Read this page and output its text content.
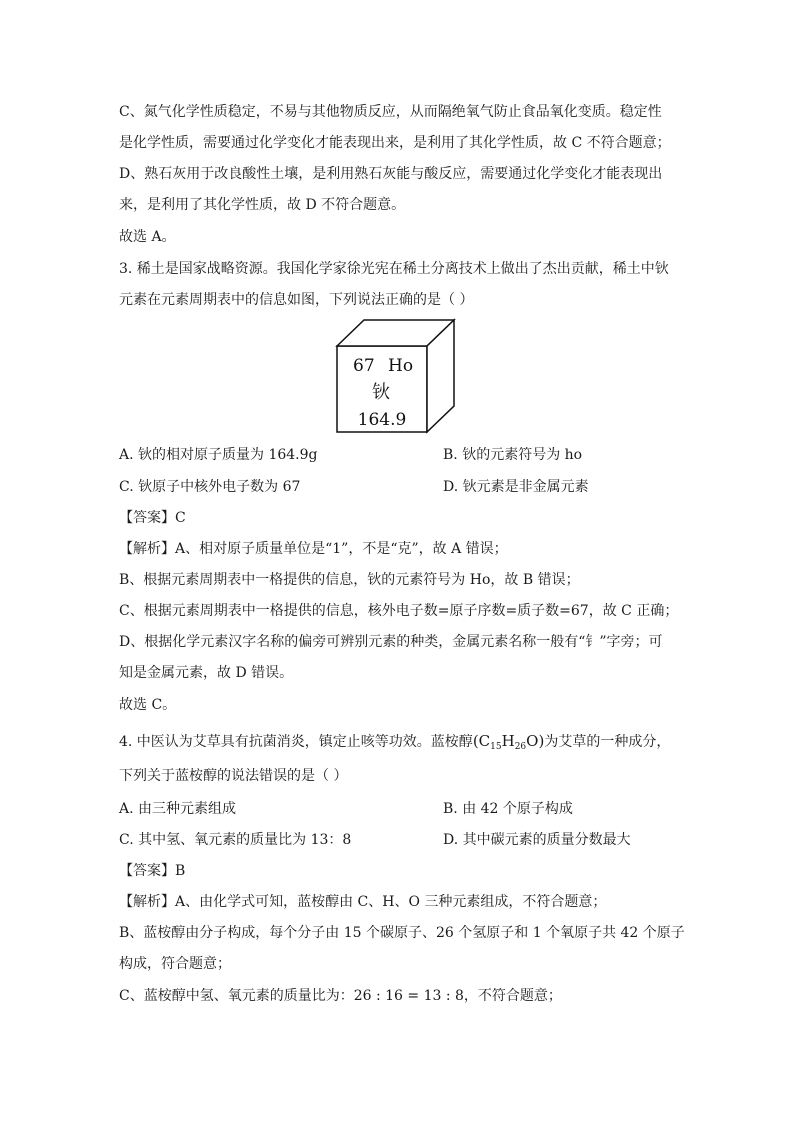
C、氮气化学性质稳定，不易与其他物质反应，从而隔绝氧气防止食品氧化变质。稳定性
是化学性质，需要通过化学变化才能表现出来，是利用了其化学性质，故 C 不符合题意；
D、熟石灰用于改良酸性土壤，是利用熟石灰能与酸反应，需要通过化学变化才能表现出
来，是利用了其化学性质，故 D 不符合题意。
故选 A。
3. 稀土是国家战略资源。我国化学家徐光宪在稀土分离技术上做出了杰出贡献，稀土中钬
元素在元素周期表中的信息如图，下列说法正确的是（ ）
67 Ho
钬
164.9
A. 钬的相对原子质量为 164.9g	B. 钬的元素符号为 ho
C. 钬原子中核外电子数为 67	D. 钬元素是非金属元素
【答案】C
【解析】A、相对原子质量单位是“1”，不是“克”，故 A 错误；
B、根据元素周期表中一格提供的信息，钬的元素符号为 Ho，故 B 错误；
C、根据元素周期表中一格提供的信息，核外电子数=原子序数=质子数=67，故 C 正确；
D、根据化学元素汉字名称的偏旁可辨别元素的种类，金属元素名称一般有“钅”字旁；可
知是金属元素，故 D 错误。
故选 C。
4. 中医认为艾草具有抗菌消炎，镇定止咳等功效。蓝桉醇$(C_{15}H_{26}O)$为艾草的一种成分，
下列关于蓝桉醇的说法错误的是（ ）
A. 由三种元素组成	B. 由 42 个原子构成
C. 其中氢、氧元素的质量比为 13：8	D. 其中碳元素的质量分数最大
【答案】B
【解析】A、由化学式可知，蓝桉醇由 C、H、O 三种元素组成，不符合题意；
B、蓝桉醇由分子构成，每个分子由 15 个碳原子、26 个氢原子和 1 个氧原子共 42 个原子
构成，符合题意；
C、蓝桉醇中氢、氧元素的质量比为：26 : 16 = 13 : 8，不符合题意；
